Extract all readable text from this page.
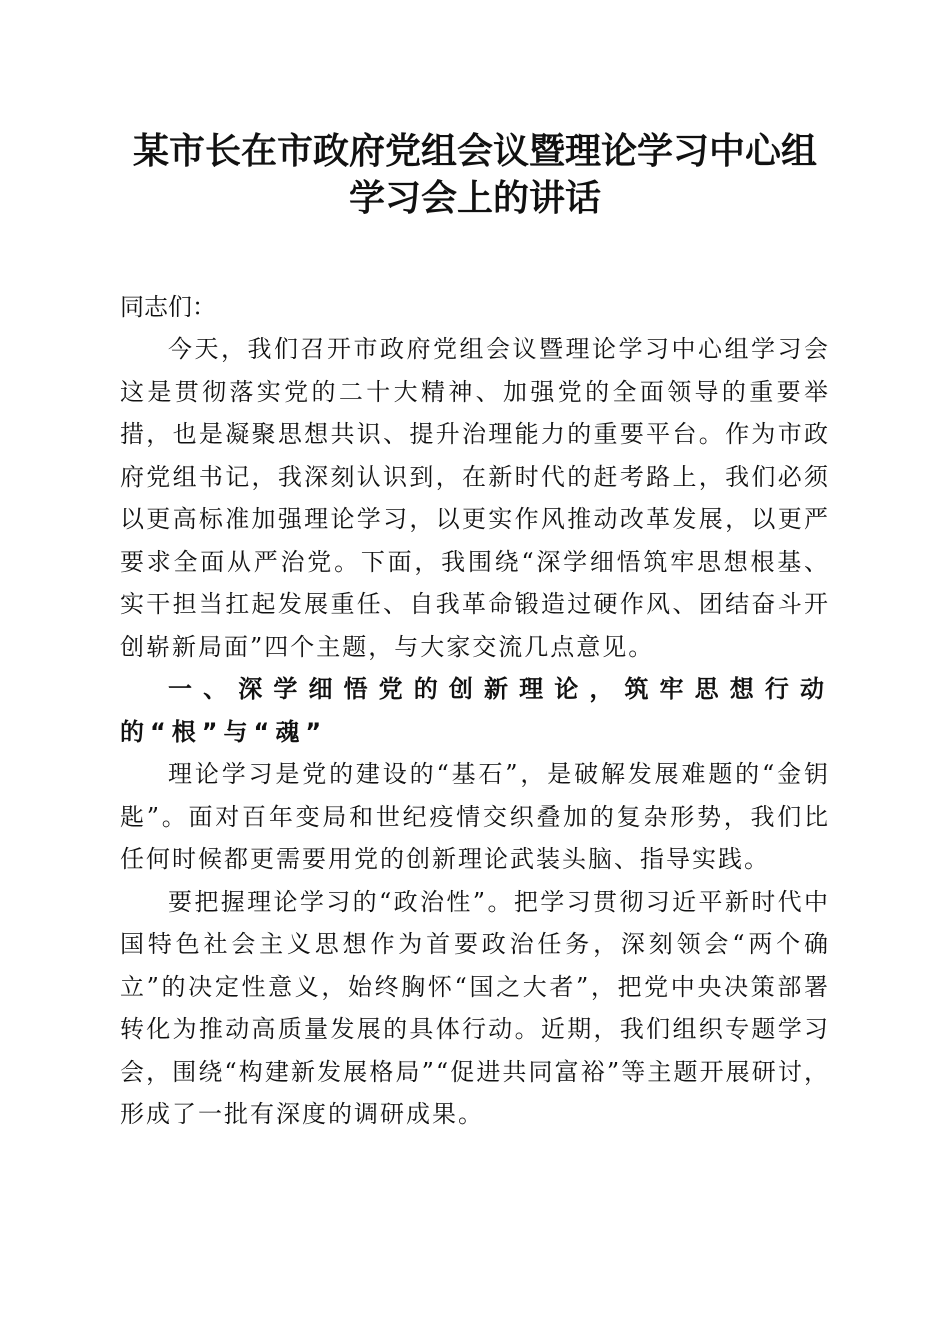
某市长在市政府党组会议暨理论学习中心组学习会上的讲话

同志们：

今天，我们召开市政府党组会议暨理论学习中心组学习会这是贯彻落实党的二十大精神、加强党的全面领导的重要举措，也是凝聚思想共识、提升治理能力的重要平台。作为市政府党组书记，我深刻认识到，在新时代的赶考路上，我们必须以更高标准加强理论学习，以更实作风推动改革发展，以更严要求全面从严治党。下面，我围绕“深学细悟筑牢思想根基、实干担当扛起发展重任、自我革命锻造过硬作风、团结奋斗开创崭新局面”四个主题，与大家交流几点意见。

一、深学细悟党的创新理论，筑牢思想行动的“根”与“魂”

理论学习是党的建设的“基石”，是破解发展难题的“金钥匙”。面对百年变局和世纪疫情交织叠加的复杂形势，我们比任何时候都更需要用党的创新理论武装头脑、指导实践。

要把握理论学习的“政治性”。把学习贯彻习近平新时代中国特色社会主义思想作为首要政治任务，深刻领会“两个确立”的决定性意义，始终胸怀“国之大者”，把党中央决策部署转化为推动高质量发展的具体行动。近期，我们组织专题学习会，围绕“构建新发展格局”“促进共同富裕”等主题开展研讨，形成了一批有深度的调研成果。
